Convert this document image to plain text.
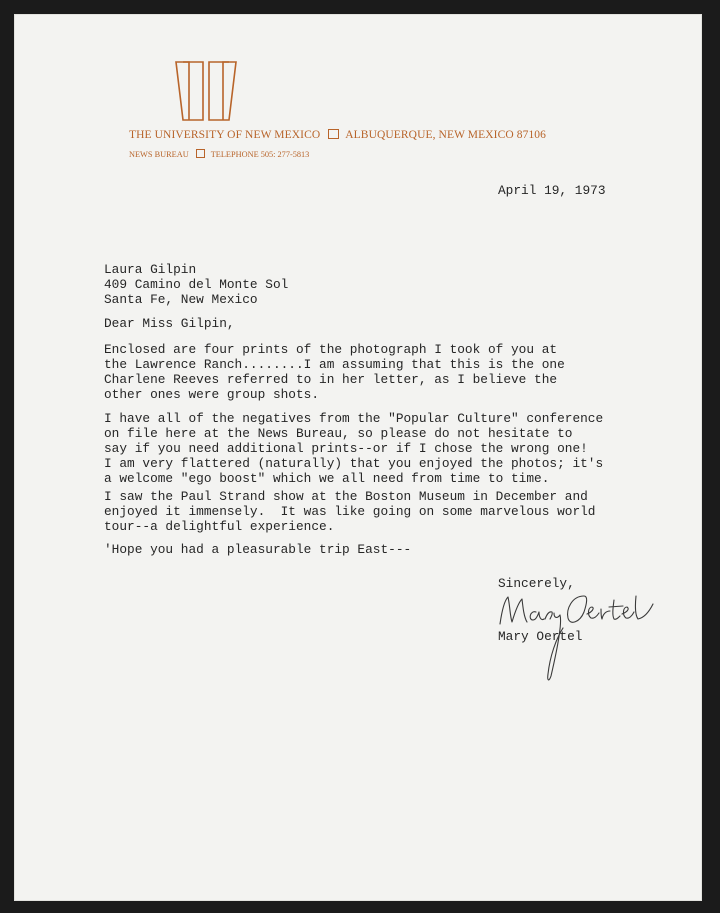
THE UNIVERSITY OF NEW MEXICO ALBUQUERQUE, NEW MEXICO 87106
NEWS BUREAU	TELEPHONE 505: 277-5813
April 19, 1973
Laura Gilpin
409 Camino del Monte Sol
Santa Fe, New Mexico
Dear Miss Gilpin,
Enclosed are four prints of the photograph I took of you at
the Lawrence Ranch........I am assuming that this is the one
Charlene Reeves referred to in her letter, as I believe the
other ones were group shots.
I have all of the negatives from the "Popular Culture" conference
on file here at the News Bureau, so please do not hesitate to
say if you need additional prints--or if I chose the wrong one!
I am very flattered (naturally) that you enjoyed the photos; it's
a welcome "ego boost" which we all need from time to time.
I saw the Paul Strand show at the Boston Museum in December and
enjoyed it immensely.  It was like going on some marvelous world
tour--a delightful experience.
'Hope you had a pleasurable trip East---
Sincerely,
Mary Oertel
